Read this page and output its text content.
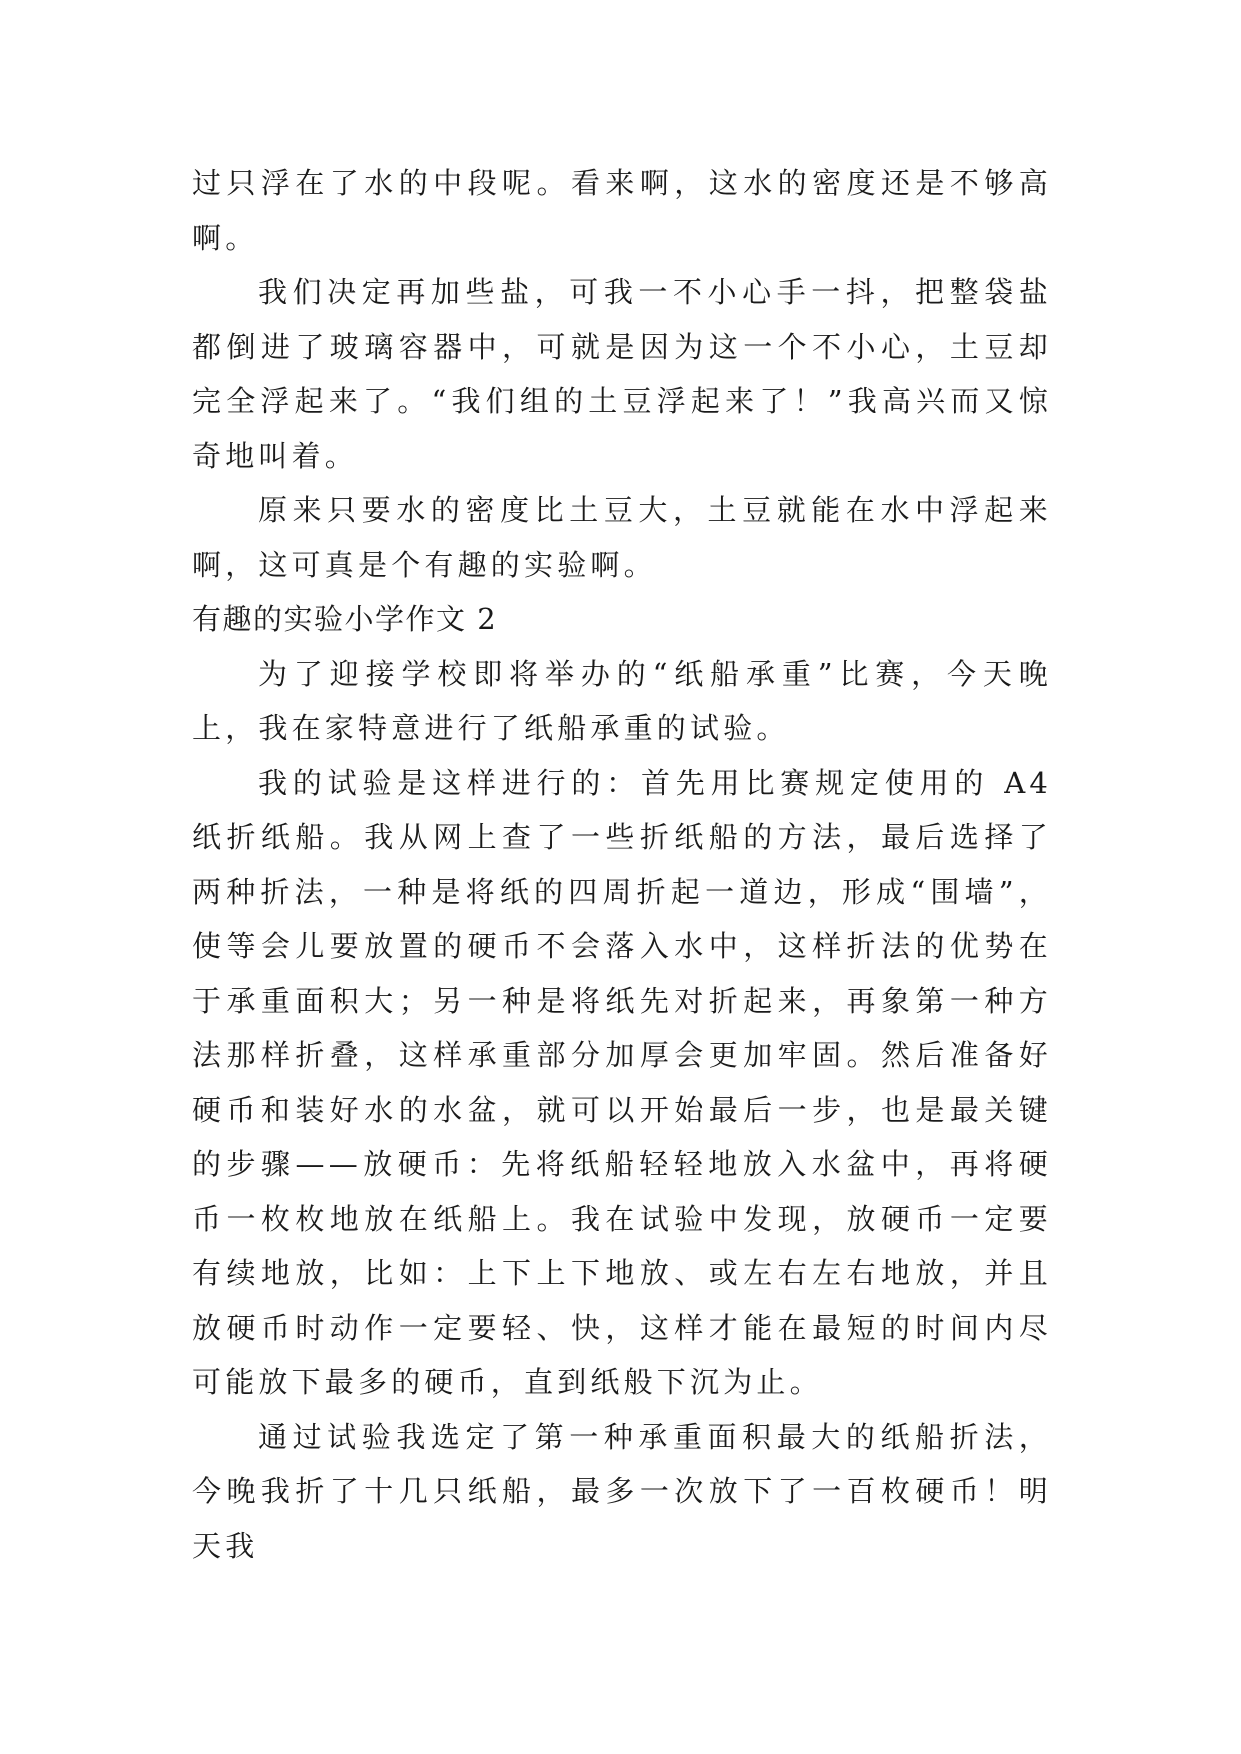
过只浮在了水的中段呢。看来啊，这水的密度还是不够高啊。

我们决定再加些盐，可我一不小心手一抖，把整袋盐都倒进了玻璃容器中，可就是因为这一个不小心，土豆却完全浮起来了。“我们组的土豆浮起来了！”我高兴而又惊奇地叫着。

原来只要水的密度比土豆大，土豆就能在水中浮起来啊，这可真是个有趣的实验啊。

有趣的实验小学作文 2

为了迎接学校即将举办的“纸船承重”比赛，今天晚上，我在家特意进行了纸船承重的试验。

我的试验是这样进行的：首先用比赛规定使用的 A4 纸折纸船。我从网上查了一些折纸船的方法，最后选择了两种折法，一种是将纸的四周折起一道边，形成“围墙”，使等会儿要放置的硬币不会落入水中，这样折法的优势在于承重面积大；另一种是将纸先对折起来，再象第一种方法那样折叠，这样承重部分加厚会更加牢固。然后准备好硬币和装好水的水盆，就可以开始最后一步，也是最关键的步骤——放硬币：先将纸船轻轻地放入水盆中，再将硬币一枚枚地放在纸船上。我在试验中发现，放硬币一定要有续地放，比如：上下上下地放、或左右左右地放，并且放硬币时动作一定要轻、快，这样才能在最短的时间内尽可能放下最多的硬币，直到纸般下沉为止。

通过试验我选定了第一种承重面积最大的纸船折法，今晚我折了十几只纸船，最多一次放下了一百枚硬币！明天我
